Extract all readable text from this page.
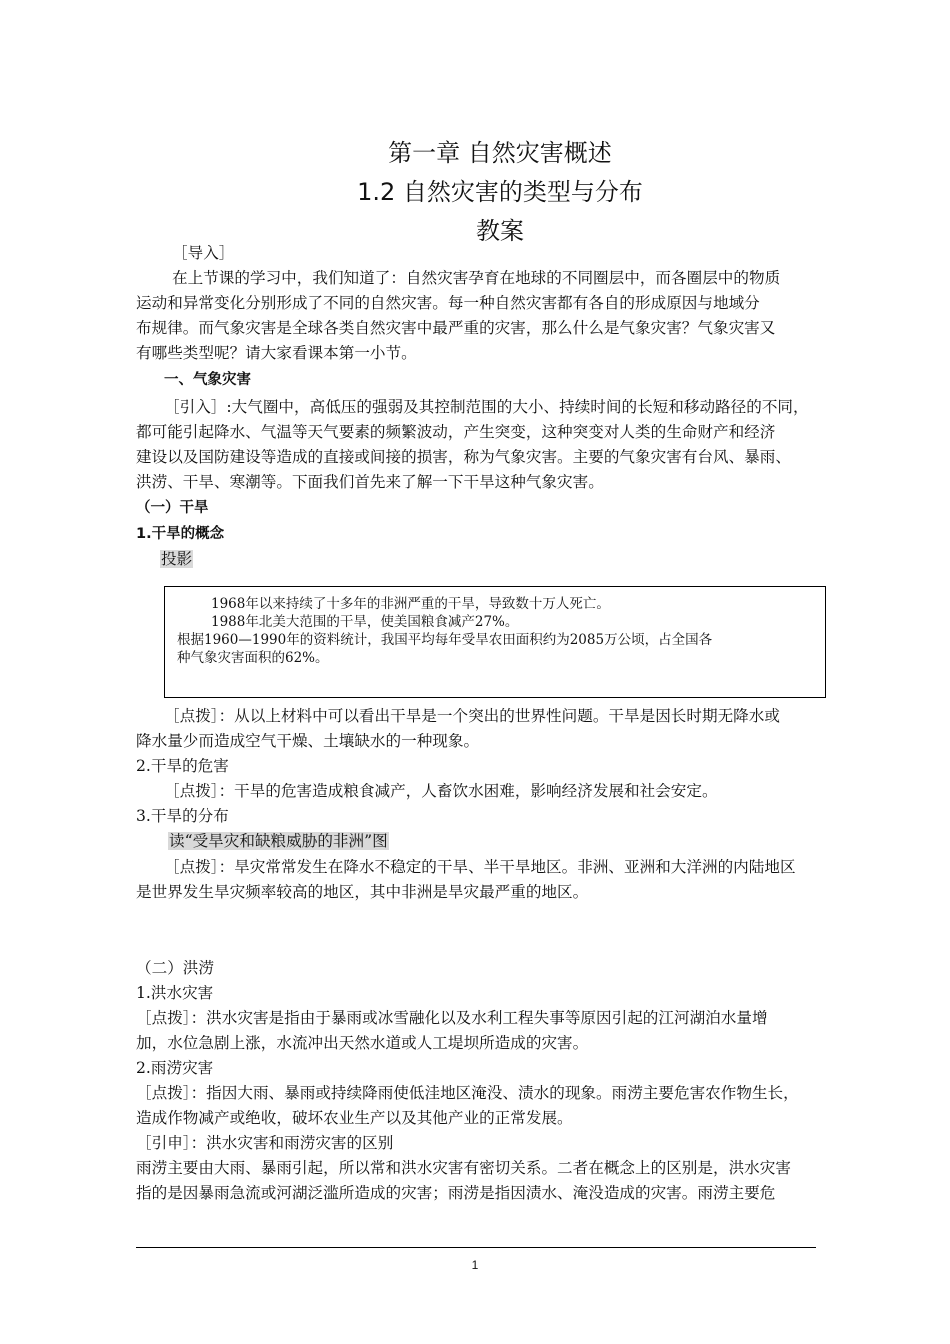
第一章 自然灾害概述
1.2 自然灾害的类型与分布
教案
［导入］
在上节课的学习中，我们知道了：自然灾害孕育在地球的不同圈层中，而各圈层中的物质
运动和异常变化分别形成了不同的自然灾害。每一种自然灾害都有各自的形成原因与地域分
布规律。而气象灾害是全球各类自然灾害中最严重的灾害，那么什么是气象灾害？气象灾害又
有哪些类型呢？请大家看课本第一小节。
一、气象灾害
［引入］:大气圈中，高低压的强弱及其控制范围的大小、持续时间的长短和移动路径的不同，
都可能引起降水、气温等天气要素的频繁波动，产生突变，这种突变对人类的生命财产和经济
建设以及国防建设等造成的直接或间接的损害，称为气象灾害。主要的气象灾害有台风、暴雨、
洪涝、干旱、寒潮等。下面我们首先来了解一下干旱这种气象灾害。
（一）干旱
1.干旱的概念
投影
1968年以来持续了十多年的非洲严重的干旱，导致数十万人死亡。
1988年北美大范围的干旱，使美国粮食减产27%。
根据1960—1990年的资料统计，我国平均每年受旱农田面积约为2085万公顷，占全国各
种气象灾害面积的62%。
［点拨］：从以上材料中可以看出干旱是一个突出的世界性问题。干旱是因长时期无降水或
降水量少而造成空气干燥、土壤缺水的一种现象。
2.干旱的危害
［点拨］：干旱的危害造成粮食减产，人畜饮水困难，影响经济发展和社会安定。
3.干旱的分布
读“受旱灾和缺粮威胁的非洲”图
［点拨］：旱灾常常发生在降水不稳定的干旱、半干旱地区。非洲、亚洲和大洋洲的内陆地区
是世界发生旱灾频率较高的地区，其中非洲是旱灾最严重的地区。
（二）洪涝
1.洪水灾害
［点拨］：洪水灾害是指由于暴雨或冰雪融化以及水利工程失事等原因引起的江河湖泊水量增
加，水位急剧上涨，水流冲出天然水道或人工堤坝所造成的灾害。
2.雨涝灾害
［点拨］：指因大雨、暴雨或持续降雨使低洼地区淹没、渍水的现象。雨涝主要危害农作物生长，
造成作物减产或绝收，破坏农业生产以及其他产业的正常发展。
［引申］：洪水灾害和雨涝灾害的区别
雨涝主要由大雨、暴雨引起，所以常和洪水灾害有密切关系。二者在概念上的区别是，洪水灾害
指的是因暴雨急流或河湖泛滥所造成的灾害；雨涝是指因渍水、淹没造成的灾害。雨涝主要危
1
